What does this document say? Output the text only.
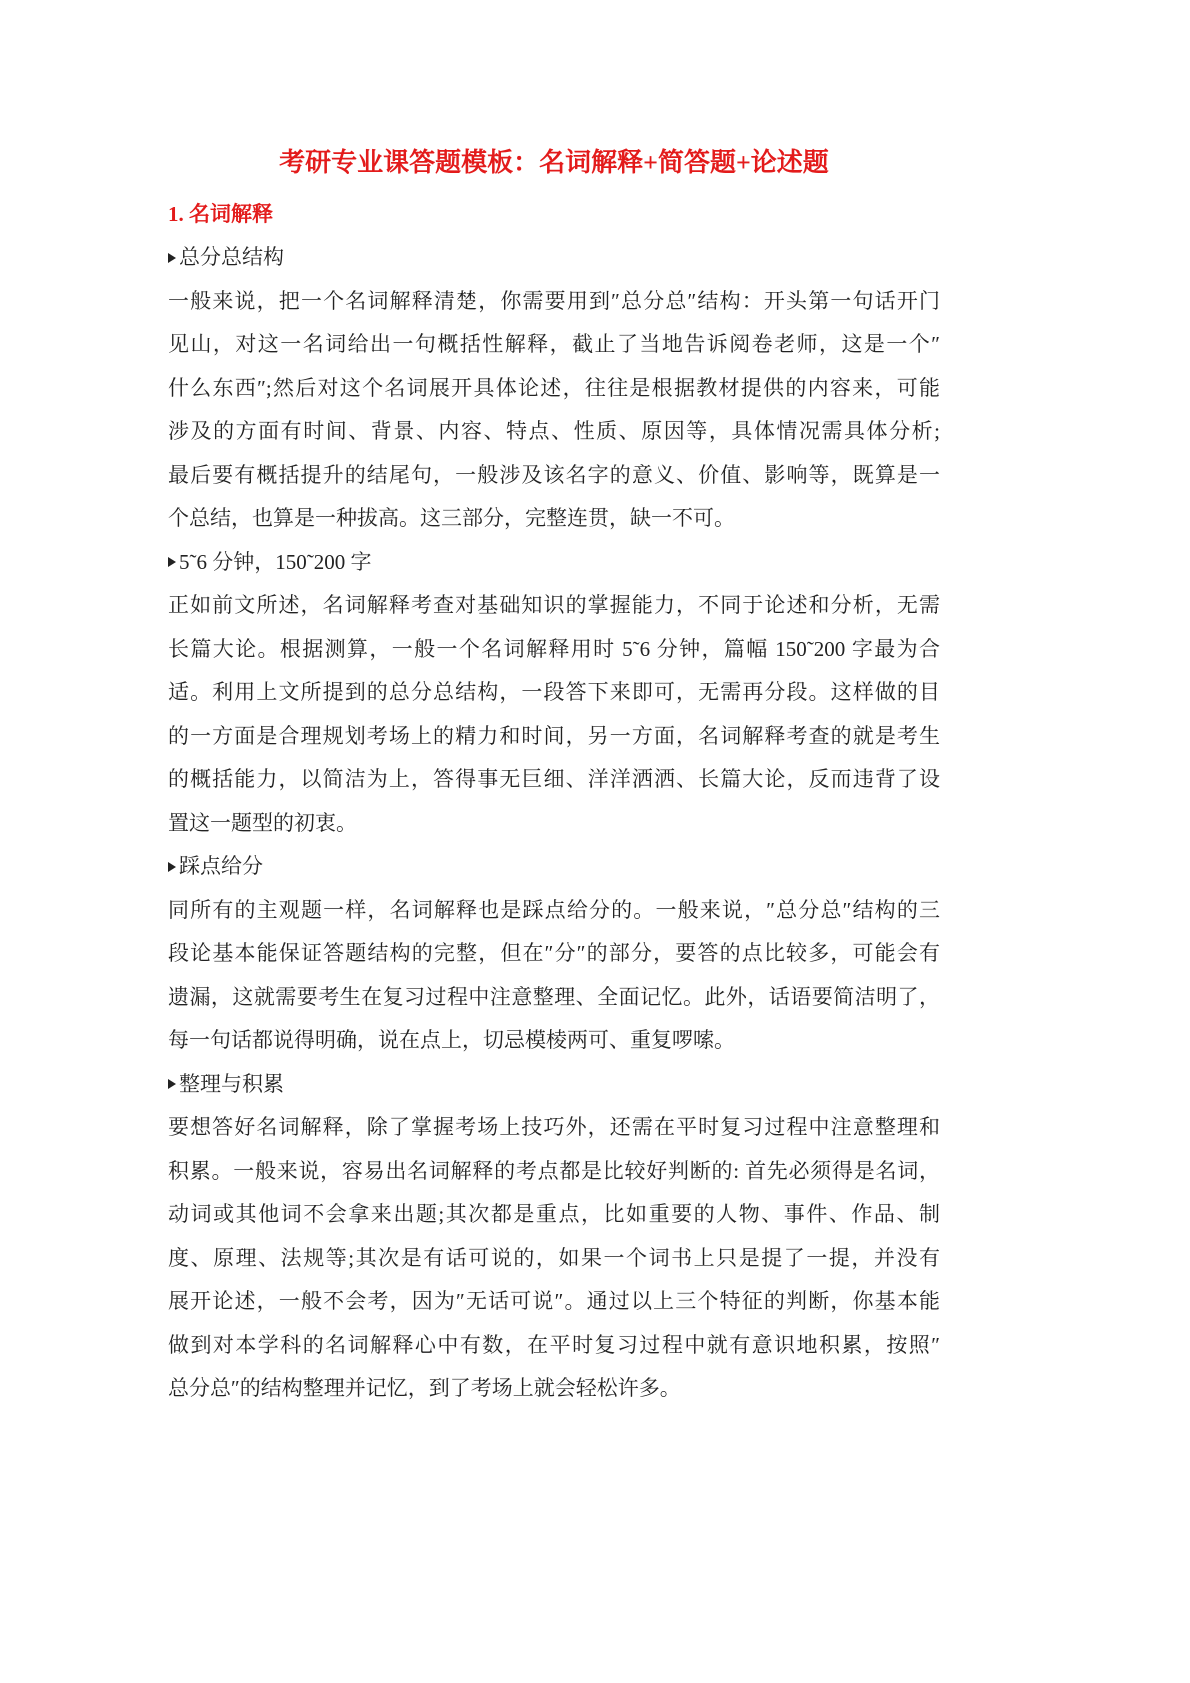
考研专业课答题模板：名词解释+简答题+论述题
1. 名词解释
总分总结构
一般来说，把一个名词解释清楚，你需要用到″总分总″结构：开头第一句话开门
见山，对这一名词给出一句概括性解释，截止了当地告诉阅卷老师，这是一个″
什么东西″;然后对这个名词展开具体论述，往往是根据教材提供的内容来，可能
涉及的方面有时间、背景、内容、特点、性质、原因等，具体情况需具体分析;
最后要有概括提升的结尾句，一般涉及该名字的意义、价值、影响等，既算是一
个总结，也算是一种拔高。这三部分，完整连贯，缺一不可。
5˜6 分钟，150˜200 字
正如前文所述，名词解释考查对基础知识的掌握能力，不同于论述和分析，无需
长篇大论。根据测算，一般一个名词解释用时 5˜6 分钟，篇幅 150˜200 字最为合
适。利用上文所提到的总分总结构，一段答下来即可，无需再分段。这样做的目
的一方面是合理规划考场上的精力和时间，另一方面，名词解释考查的就是考生
的概括能力，以简洁为上，答得事无巨细、洋洋洒洒、长篇大论，反而违背了设
置这一题型的初衷。
踩点给分
同所有的主观题一样，名词解释也是踩点给分的。一般来说，″总分总″结构的三
段论基本能保证答题结构的完整，但在″分″的部分，要答的点比较多，可能会有
遗漏，这就需要考生在复习过程中注意整理、全面记忆。此外，话语要简洁明了，
每一句话都说得明确，说在点上，切忌模棱两可、重复啰嗦。
整理与积累
要想答好名词解释，除了掌握考场上技巧外，还需在平时复习过程中注意整理和
积累。一般来说，容易出名词解释的考点都是比较好判断的: 首先必须得是名词，
动词或其他词不会拿来出题;其次都是重点，比如重要的人物、事件、作品、制
度、原理、法规等;其次是有话可说的，如果一个词书上只是提了一提，并没有
展开论述，一般不会考，因为″无话可说″。通过以上三个特征的判断，你基本能
做到对本学科的名词解释心中有数，在平时复习过程中就有意识地积累，按照″
总分总″的结构整理并记忆，到了考场上就会轻松许多。
